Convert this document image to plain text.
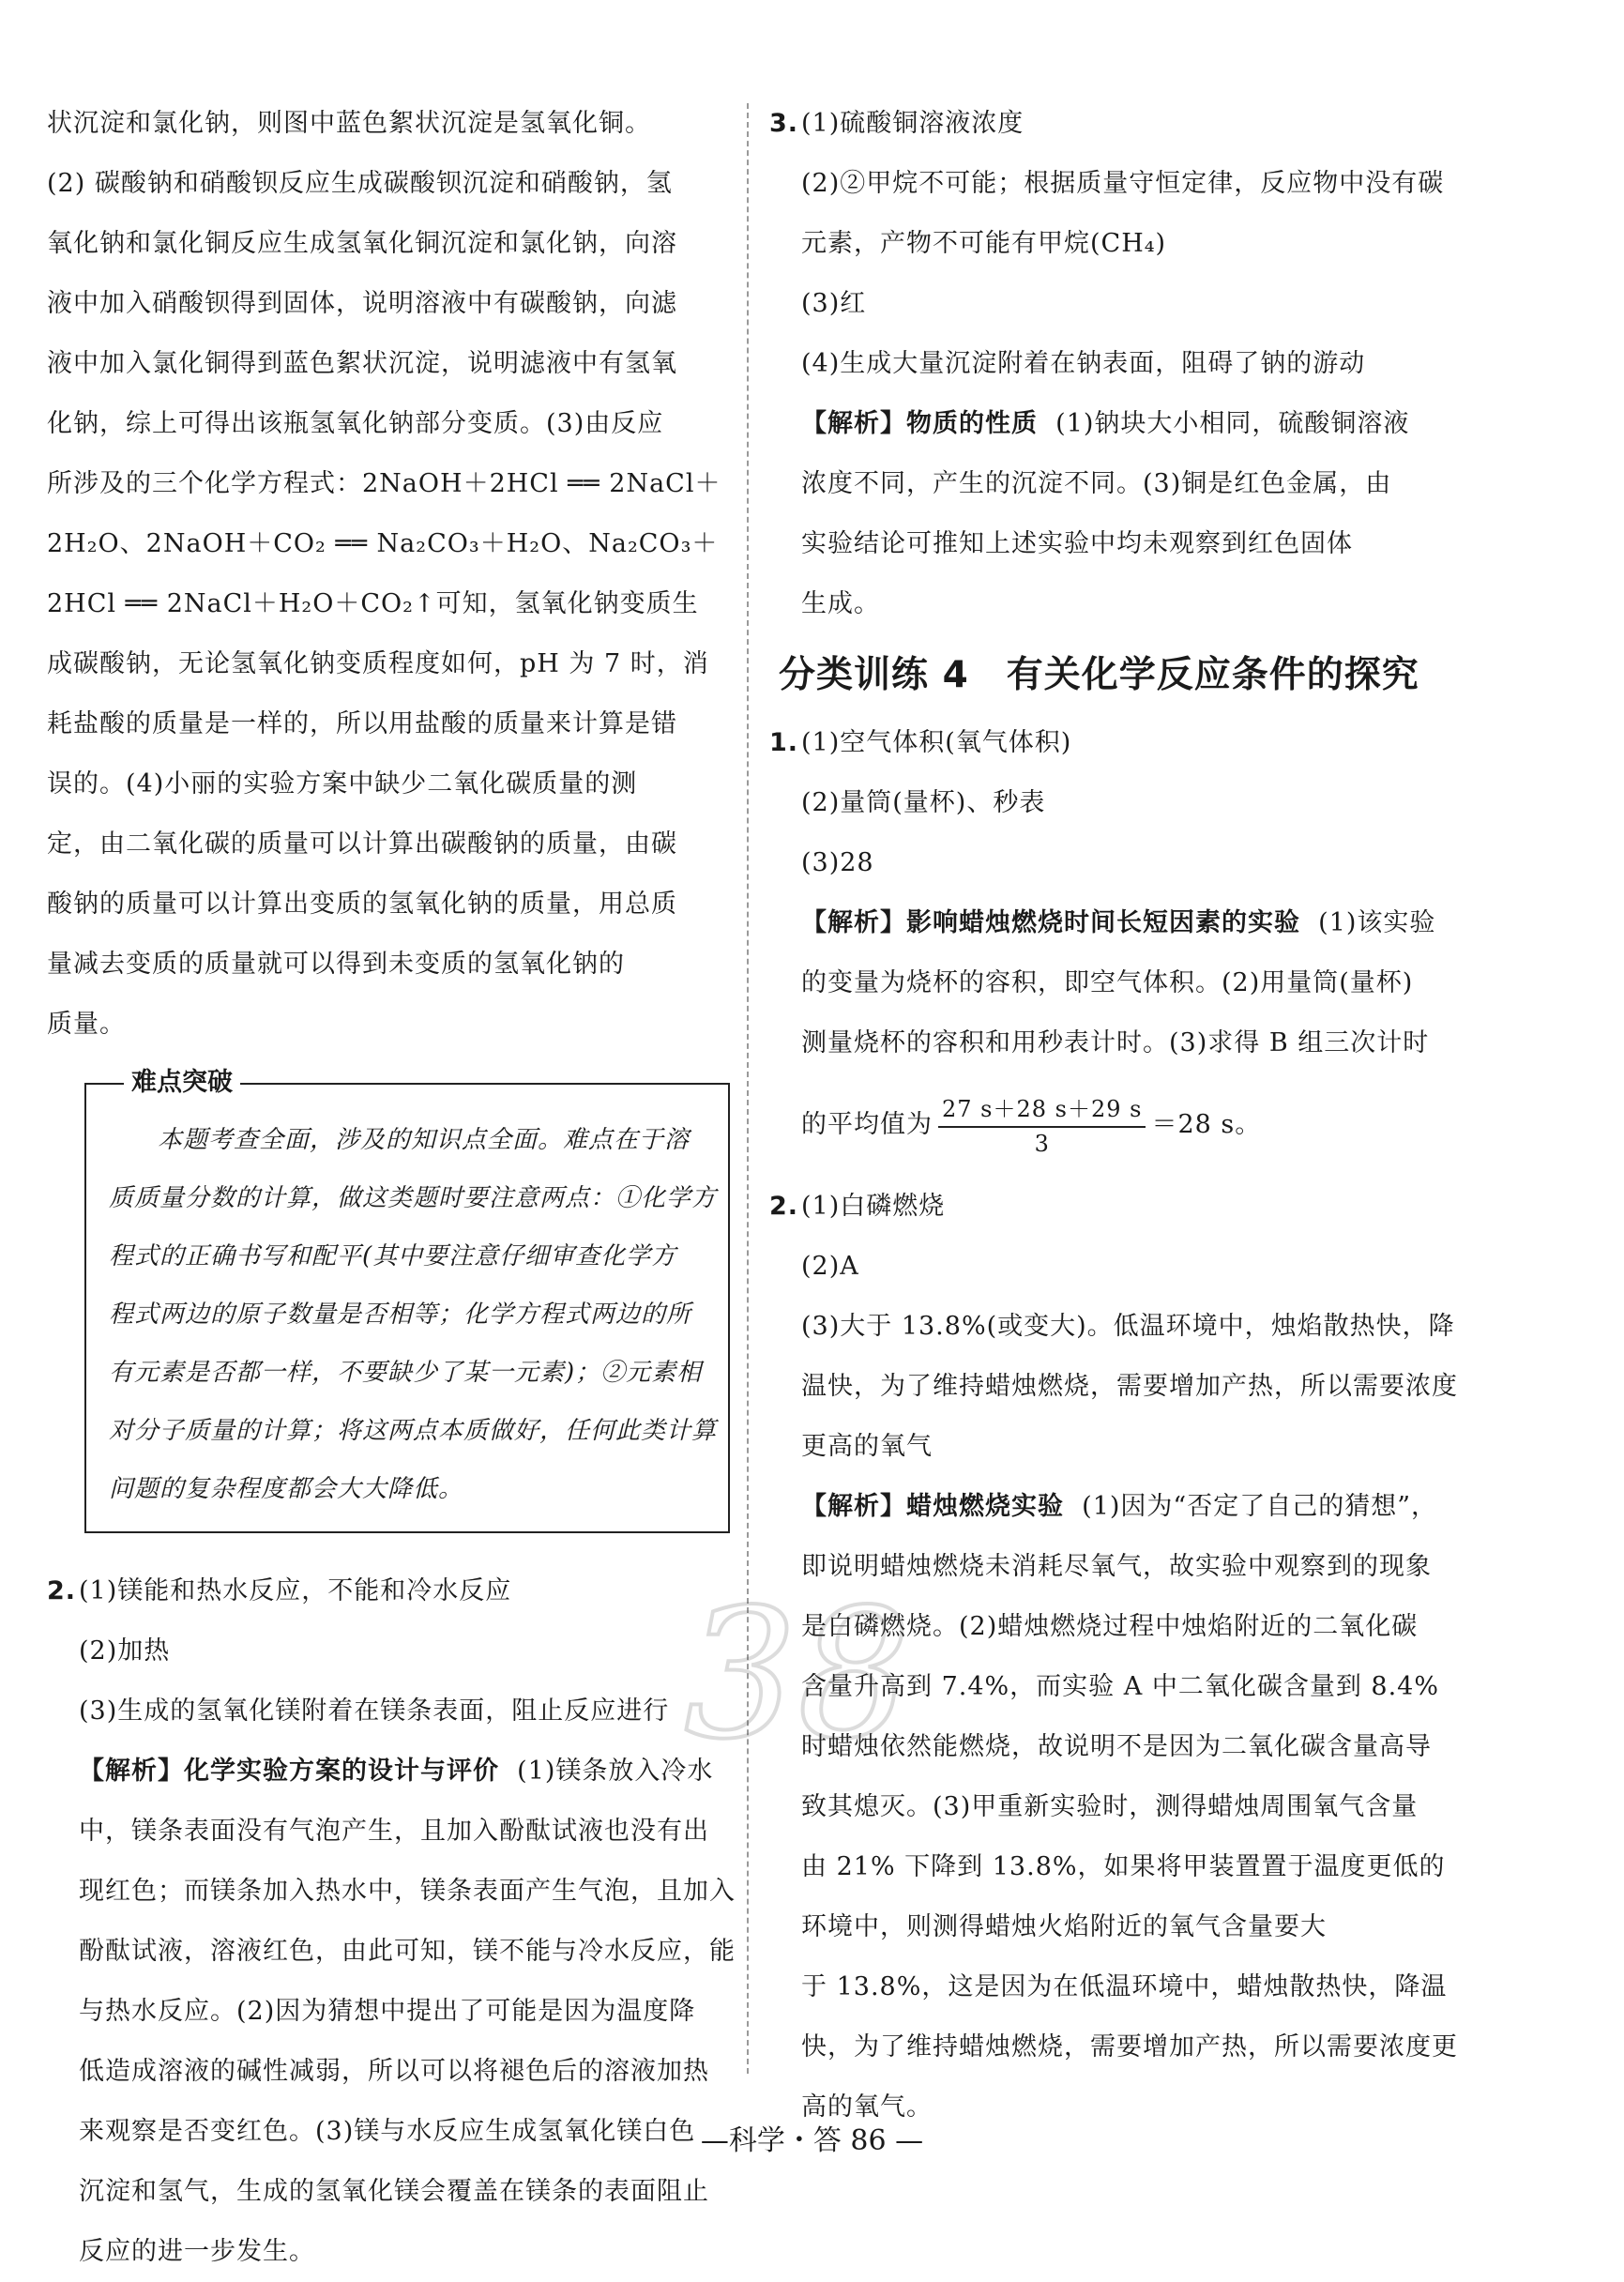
状沉淀和氯化钠，则图中蓝色絮状沉淀是氢氧化铜。
(2) 碳酸钠和硝酸钡反应生成碳酸钡沉淀和硝酸钠，氢
氧化钠和氯化铜反应生成氢氧化铜沉淀和氯化钠，向溶
液中加入硝酸钡得到固体，说明溶液中有碳酸钠，向滤
液中加入氯化铜得到蓝色絮状沉淀，说明滤液中有氢氧
化钠，综上可得出该瓶氢氧化钠部分变质。(3)由反应
所涉及的三个化学方程式：2NaOH＋2HCl ══ 2NaCl＋
2H₂O、2NaOH＋CO₂ ══ Na₂CO₃＋H₂O、Na₂CO₃＋
2HCl ══ 2NaCl＋H₂O＋CO₂↑可知，氢氧化钠变质生
成碳酸钠，无论氢氧化钠变质程度如何，pH 为 7 时，消
耗盐酸的质量是一样的，所以用盐酸的质量来计算是错
误的。(4)小丽的实验方案中缺少二氧化碳质量的测
定，由二氧化碳的质量可以计算出碳酸钠的质量，由碳
酸钠的质量可以计算出变质的氢氧化钠的质量，用总质
量减去变质的质量就可以得到未变质的氢氧化钠的
质量。
难点突破
本题考查全面，涉及的知识点全面。难点在于溶
质质量分数的计算，做这类题时要注意两点：①化学方
程式的正确书写和配平(其中要注意仔细审查化学方
程式两边的原子数量是否相等；化学方程式两边的所
有元素是否都一样，不要缺少了某一元素)；②元素相
对分子质量的计算；将这两点本质做好，任何此类计算
问题的复杂程度都会大大降低。
2. (1)镁能和热水反应，不能和冷水反应
(2)加热
(3)生成的氢氧化镁附着在镁条表面，阻止反应进行
【解析】化学实验方案的设计与评价 (1)镁条放入冷水
中，镁条表面没有气泡产生，且加入酚酞试液也没有出
现红色；而镁条加入热水中，镁条表面产生气泡，且加入
酚酞试液，溶液红色，由此可知，镁不能与冷水反应，能
与热水反应。(2)因为猜想中提出了可能是因为温度降
低造成溶液的碱性减弱，所以可以将褪色后的溶液加热
来观察是否变红色。(3)镁与水反应生成氢氧化镁白色
沉淀和氢气，生成的氢氧化镁会覆盖在镁条的表面阻止
反应的进一步发生。
3. (1)硫酸铜溶液浓度
(2)②甲烷不可能；根据质量守恒定律，反应物中没有碳
元素，产物不可能有甲烷(CH₄)
(3)红
(4)生成大量沉淀附着在钠表面，阻碍了钠的游动
【解析】物质的性质 (1)钠块大小相同，硫酸铜溶液
浓度不同，产生的沉淀不同。(3)铜是红色金属，由
实验结论可推知上述实验中均未观察到红色固体
生成。
分类训练 4　有关化学反应条件的探究
1. (1)空气体积(氧气体积)
(2)量筒(量杯)、秒表
(3)28
【解析】影响蜡烛燃烧时间长短因素的实验 (1)该实验
的变量为烧杯的容积，即空气体积。(2)用量筒(量杯)
测量烧杯的容积和用秒表计时。(3)求得 B 组三次计时
的平均值为 $\frac{27 s+28 s+29 s}{3} =28$ s。
2. (1)白磷燃烧
(2)A
(3)大于 13.8%(或变大)。低温环境中，烛焰散热快，降
温快，为了维持蜡烛燃烧，需要增加产热，所以需要浓度
更高的氧气
【解析】蜡烛燃烧实验 (1)因为“否定了自己的猜想”，
即说明蜡烛燃烧未消耗尽氧气，故实验中观察到的现象
是白磷燃烧。(2)蜡烛燃烧过程中烛焰附近的二氧化碳
含量升高到 7.4%，而实验 A 中二氧化碳含量到 8.4%
时蜡烛依然能燃烧，故说明不是因为二氧化碳含量高导
致其熄灭。(3)甲重新实验时，测得蜡烛周围氧气含量
由 21% 下降到 13.8%，如果将甲装置置于温度更低的
环境中，则测得蜡烛火焰附近的氧气含量要大
于 13.8%，这是因为在低温环境中，蜡烛散热快，降温
快，为了维持蜡烛燃烧，需要增加产热，所以需要浓度更
高的氧气。
38
—科学・答 86 —
